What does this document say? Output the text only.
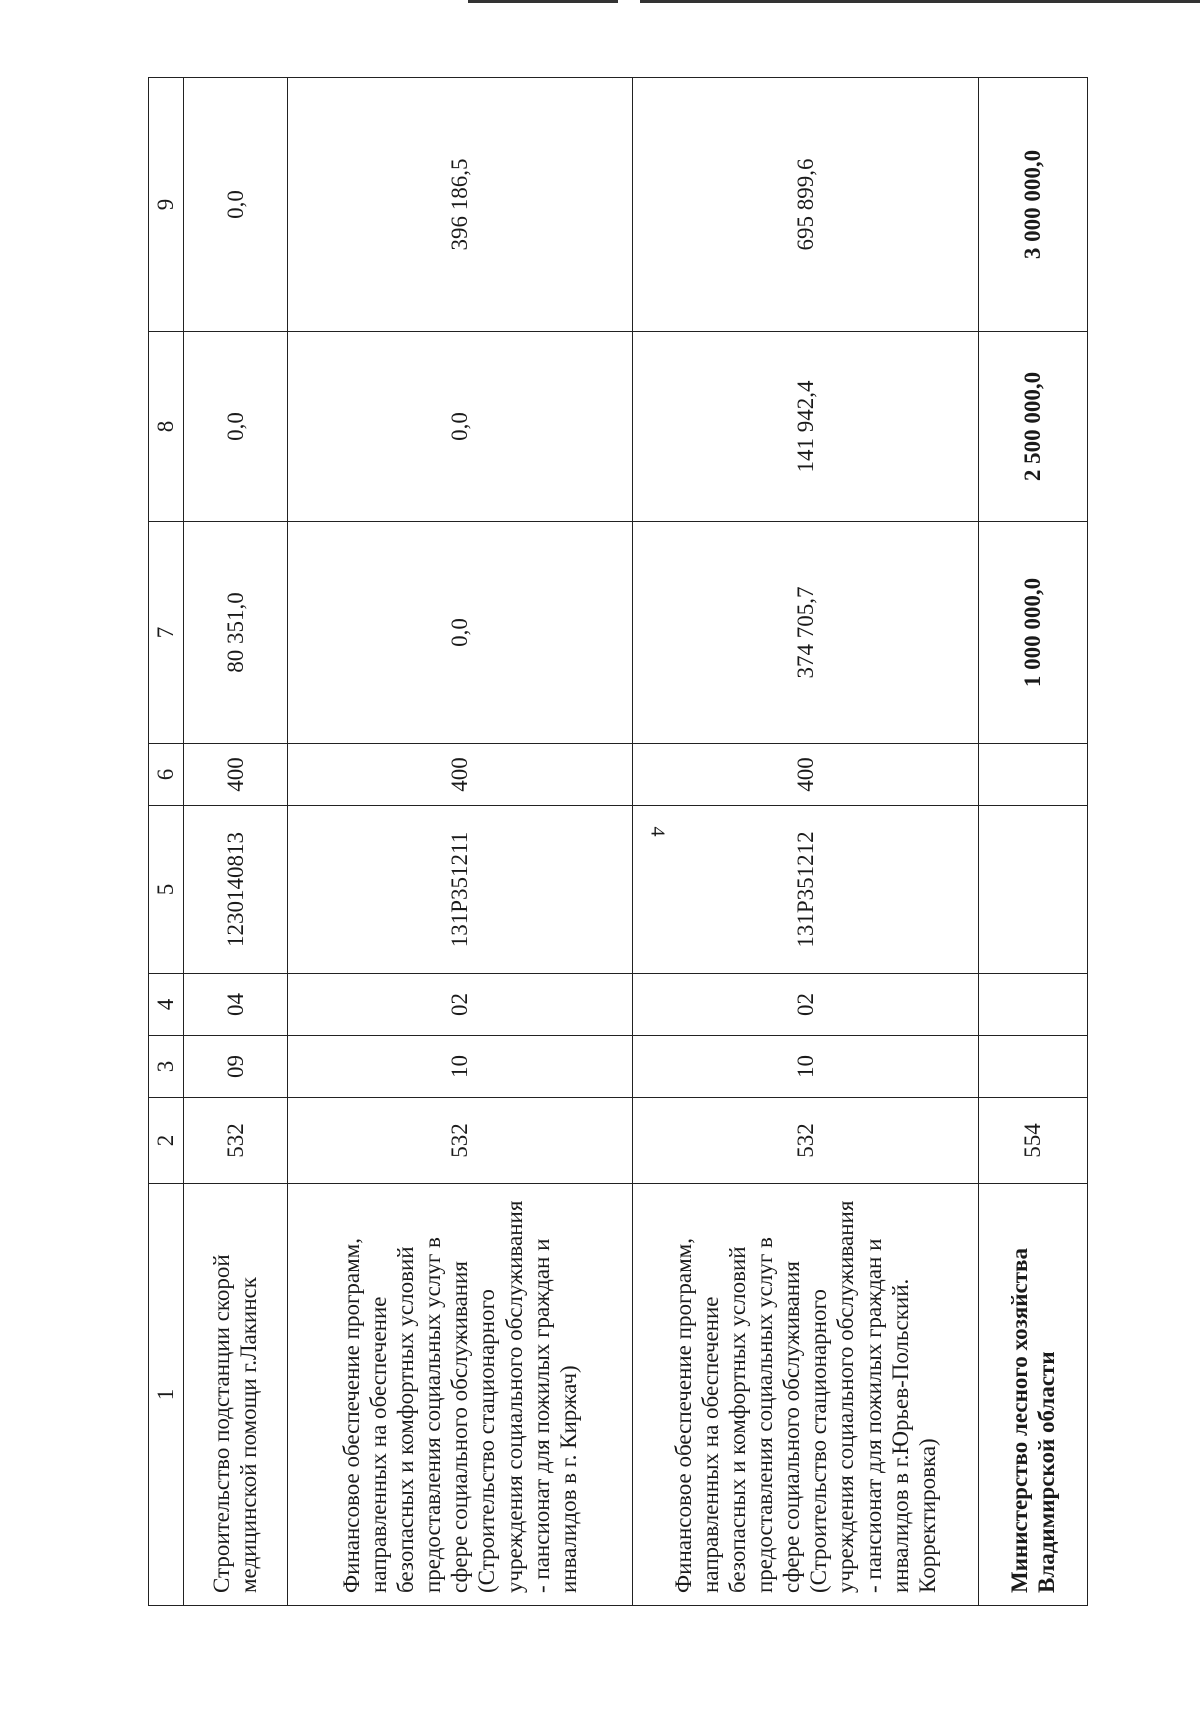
4
1	2	3	4	5	6	7	8	9
Строительство подстанции скорой медицинской помощи г.Лакинск	532	09	04	1230140813	400	80 351,0	0,0	0,0
Финансовое обеспечение программ, направленных на обеспечение безопасных и комфортных условий предоставления социальных услуг в сфере социального обслуживания (Строительство стационарного учреждения социального обслуживания - пансионат для пожилых граждан и инвалидов в г. Киржач)	532	10	02	131P351211	400	0,0	0,0	396 186,5
Финансовое обеспечение программ, направленных на обеспечение безопасных и комфортных условий предоставления социальных услуг в сфере социального обслуживания (Строительство стационарного учреждения социального обслуживания - пансионат для пожилых граждан и инвалидов в г.Юрьев-Польский. Корректировка)	532	10	02	131P351212	400	374 705,7	141 942,4	695 899,6
Министерство лесного хозяйства Владимирской области	554					1 000 000,0	2 500 000,0	3 000 000,0
